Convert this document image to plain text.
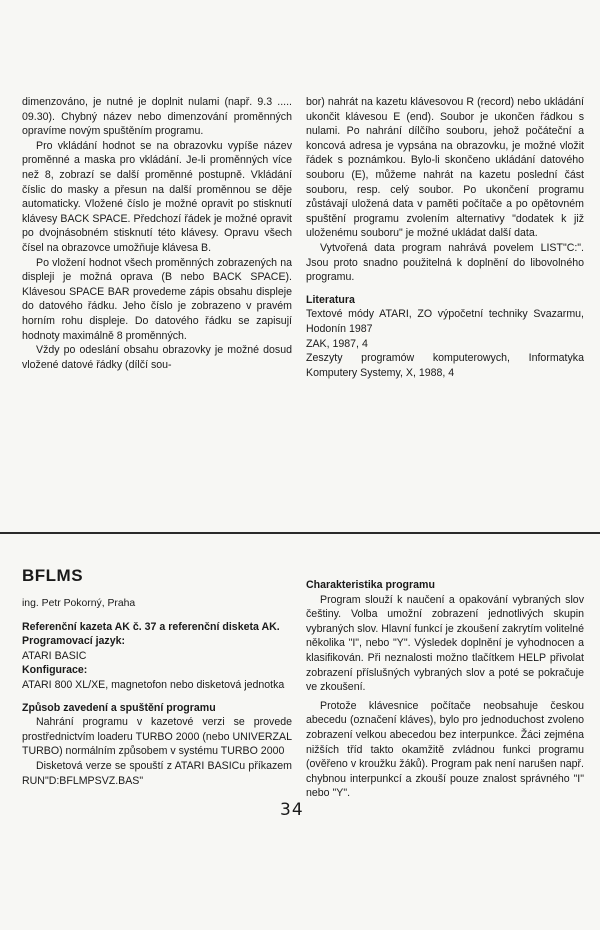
dimenzováno, je nutné je doplnit nulami (např. 9.3 ..... 09.30). Chybný název nebo dimenzování proměnných opravíme novým spuštěním programu.

Pro vkládání hodnot se na obrazovku vypíše název proměnné a maska pro vkládání. Je-li proměnných více než 8, zobrazí se další proměnné postupně. Vkládání číslic do masky a přesun na další proměnnou se děje automaticky. Vložené číslo je možné opravit po stisknutí klávesy BACK SPACE. Předchozí řádek je možné opravit po dvojnásobném stisknutí této klávesy. Opravu všech čísel na obrazovce umožňuje klávesa B.

Po vložení hodnot všech proměnných zobrazených na displeji je možná oprava (B nebo BACK SPACE). Klávesou SPACE BAR provedeme zápis obsahu displeje do datového řádku. Jeho číslo je zobrazeno v pravém horním rohu displeje. Do datového řádku se zapisují hodnoty maximálně 8 proměnných.

Vždy po odeslání obsahu obrazovky je možné dosud vložené datové řádky (dílčí sou-

bor) nahrát na kazetu klávesovou R (record) nebo ukládání ukončit klávesou E (end). Soubor je ukončen řádkou s nulami. Po nahrání dílčího souboru, jehož počáteční a koncová adresa je vypsána na obrazovku, je možné vložit řádek s poznámkou. Bylo-li skončeno ukládání datového souboru (E), můžeme nahrát na kazetu poslední část souboru, resp. celý soubor. Po ukončení programu zůstávají uložená data v paměti počítače a po opětovném spuštění programu zvolením alternativy "dodatek k již uloženému souboru" je možné ukládat další data.

Vytvořená data program nahrává povelem LIST"C:". Jsou proto snadno použitelná k doplnění do libovolného programu.

Literatura

Textové módy ATARI, ZO výpočetní techniky Svazarmu, Hodonín 1987

ZAK, 1987, 4

Zeszyty programów komputerowych, Informatyka Komputery Systemy, X, 1988, 4

BFLMS

ing. Petr Pokorný, Praha

Referenční kazeta AK č. 37 a referenční disketa AK.

Programovací jazyk:

ATARI BASIC

Konfigurace:

ATARI 800 XL/XE, magnetofon nebo disketová jednotka

Způsob zavedení a spuštění programu

Nahrání programu v kazetové verzi se provede prostřednictvím loaderu TURBO 2000 (nebo UNIVERZAL TURBO) normálním způsobem v systému TURBO 2000

Disketová verze se spouští z ATARI BASICu příkazem RUN"D:BFLMPSVZ.BAS"

Charakteristika programu

Program slouží k naučení a opakování vybraných slov češtiny. Volba umožní zobrazení jednotlivých skupin vybraných slov. Hlavní funkcí je zkoušení zakrytím volitelné několika "I", nebo "Y". Výsledek doplnění je vyhodnocen a klasifikován. Při neznalosti možno tlačítkem HELP přivolat zobrazení příslušných vybraných slov a poté se pokračuje ve zkoušení.

Protože klávesnice počítače neobsahuje českou abecedu (označení kláves), bylo pro jednoduchost zvoleno zobrazení velkou abecedou bez interpunkce. Žáci zejména nižších tříd takto okamžitě zvládnou funkci programu (ověřeno v kroužku žáků). Program pak není narušen např. chybnou interpunkcí a zkouší pouze znalost správného "I" nebo "Y".

34
